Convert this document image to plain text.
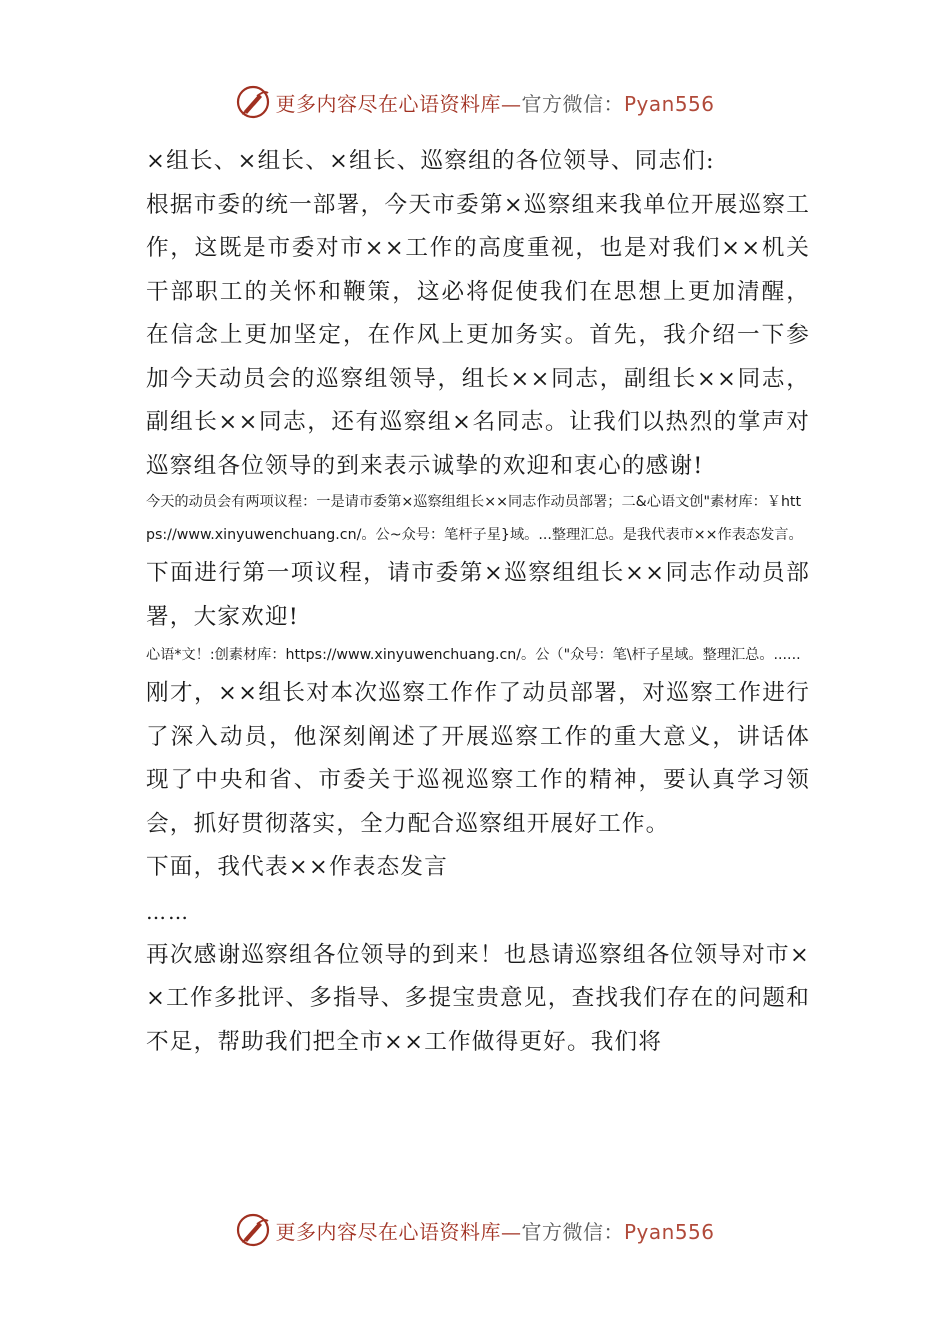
更多内容尽在心语资料库—官方微信：Pyan556

×组长、×组长、×组长、巡察组的各位领导、同志们:

根据市委的统一部署，今天市委第×巡察组来我单位开展巡察工作，这既是市委对市××工作的高度重视，也是对我们××机关干部职工的关怀和鞭策，这必将促使我们在思想上更加清醒，在信念上更加坚定，在作风上更加务实。首先，我介绍一下参加今天动员会的巡察组领导，组长××同志，副组长××同志，副组长××同志，还有巡察组×名同志。让我们以热烈的掌声对巡察组各位领导的到来表示诚挚的欢迎和衷心的感谢!

今天的动员会有两项议程：一是请市委第×巡察组组长××同志作动员部署；二&心语文创"素材库：￥https://www.xinyuwenchuang.cn/。公~众号：笔杆子星}域。...整理汇总。是我代表市××作表态发言。

下面进行第一项议程，请市委第×巡察组组长××同志作动员部署，大家欢迎!

心语*文！:创素材库：https://www.xinyuwenchuang.cn/。公（"众号：笔\杆子星域。整理汇总。......

刚才，××组长对本次巡察工作作了动员部署，对巡察工作进行了深入动员，他深刻阐述了开展巡察工作的重大意义，讲话体现了中央和省、市委关于巡视巡察工作的精神，要认真学习领会，抓好贯彻落实，全力配合巡察组开展好工作。

下面，我代表××作表态发言

……

再次感谢巡察组各位领导的到来！也恳请巡察组各位领导对市××工作多批评、多指导、多提宝贵意见，查找我们存在的问题和不足，帮助我们把全市××工作做得更好。我们将

更多内容尽在心语资料库—官方微信：Pyan556
